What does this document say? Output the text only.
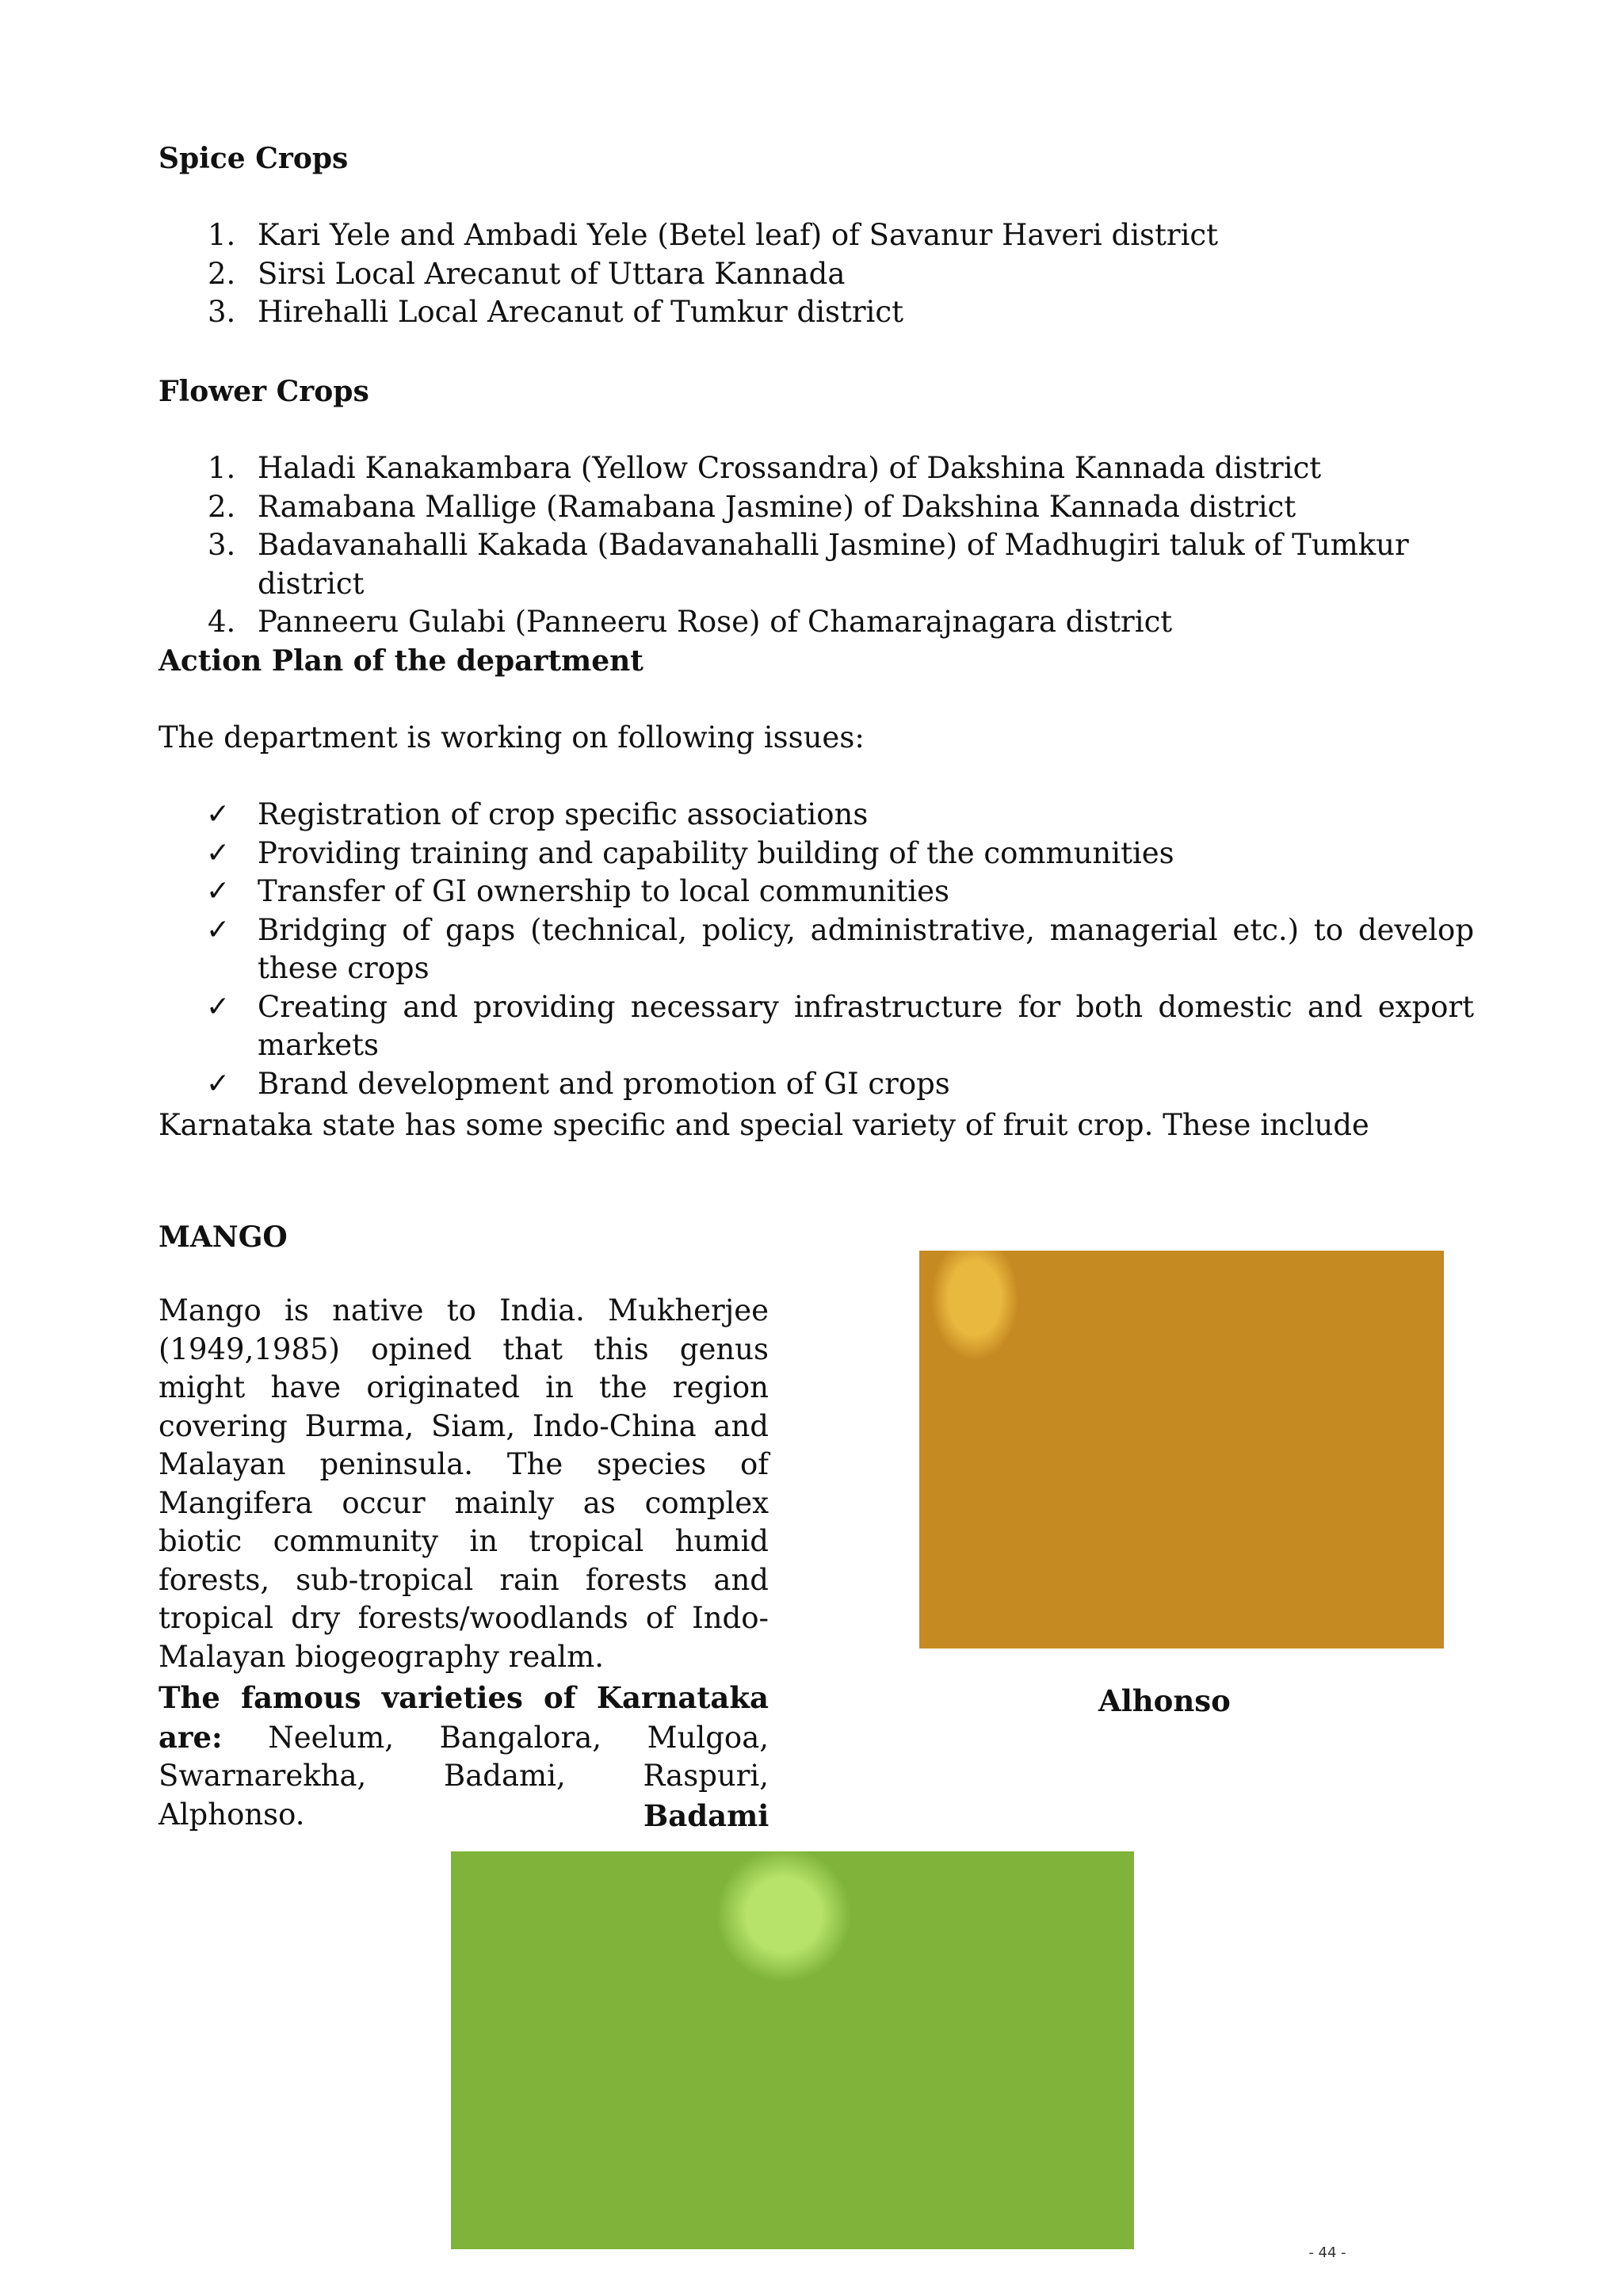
Spice Crops
1. Kari Yele and Ambadi Yele (Betel leaf) of Savanur Haveri district
2. Sirsi Local Arecanut of Uttara Kannada
3. Hirehalli Local Arecanut of Tumkur district
Flower Crops
1. Haladi Kanakambara (Yellow Crossandra) of Dakshina Kannada district
2. Ramabana Mallige (Ramabana Jasmine) of Dakshina Kannada district
3. Badavanahalli Kakada (Badavanahalli Jasmine) of Madhugiri taluk of Tumkur district
4. Panneeru Gulabi (Panneeru Rose) of Chamarajnagara district
Action Plan of the department

The department is working on following issues:

✓ Registration of crop specific associations
✓ Providing training and capability building of the communities
✓ Transfer of GI ownership to local communities
✓ Bridging of gaps (technical, policy, administrative, managerial etc.) to develop these crops
✓ Creating and providing necessary infrastructure for both domestic and export markets
✓ Brand development and promotion of GI crops

Karnataka state has some specific and special variety of fruit crop. These include

MANGO

Mango is native to India. Mukherjee (1949,1985) opined that this genus might have originated in the region covering Burma, Siam, Indo-China and Malayan peninsula. The species of Mangifera occur mainly as complex biotic community in tropical humid forests, sub-tropical rain forests and tropical dry forests/woodlands of Indo-Malayan biogeography realm.

Alhonso

The famous varieties of Karnataka are: Neelum, Bangalora, Mulgoa, Swarnarekha, Badami, Raspuri, Alphonso.	Badami
- 44 -
